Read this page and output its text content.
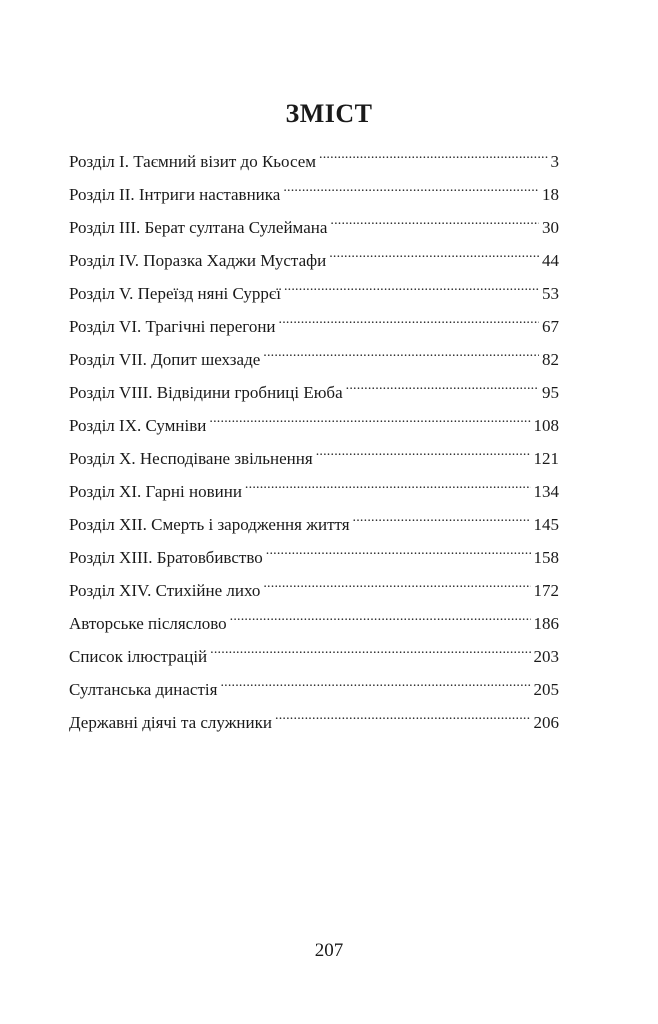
ЗМІСТ
Розділ I. Таємний візит до Кьосем .....	3
Розділ II. Інтриги наставника .....	18
Розділ III. Берат султана Сулеймана .....	30
Розділ IV. Поразка Хаджи Мустафи .....	44
Розділ V. Переїзд няні Суррєї .....	53
Розділ VI. Трагічні перегони .....	67
Розділ VII. Допит шехзаде .....	82
Розділ VIII. Відвідини гробниці Еюба .....	95
Розділ IX. Сумніви .....	108
Розділ X. Несподіване звільнення .....	121
Розділ XI. Гарні новини .....	134
Розділ XII. Смерть і зародження життя .....	145
Розділ XIII. Братовбивство .....	158
Розділ XIV. Стихійне лихо .....	172
Авторське післяслово .....	186
Список ілюстрацій .....	203
Султанська династія .....	205
Державні діячі та служники .....	206
207
